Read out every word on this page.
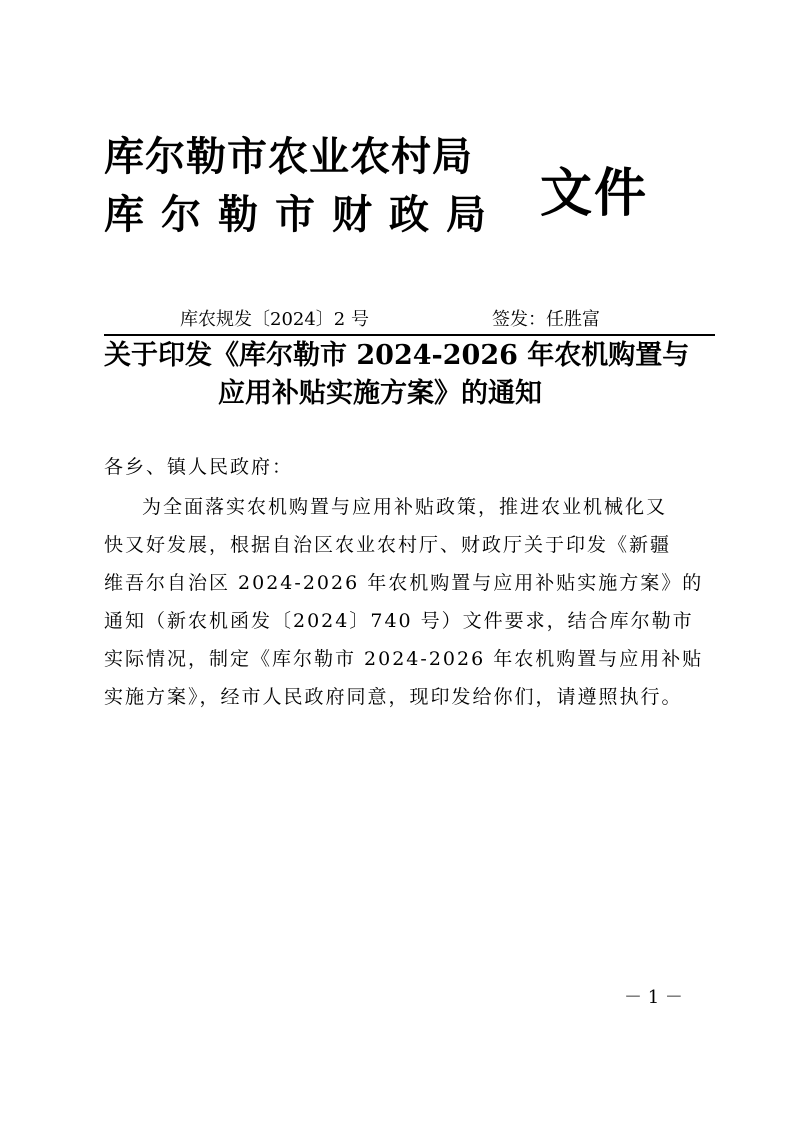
库尔勒市农业农村局
库尔勒市财政局 文件
库农规发〔2024〕2 号	签发：任胜富
关于印发《库尔勒市 2024-2026 年农机购置与
应用补贴实施方案》的通知
各乡、镇人民政府：
为全面落实农机购置与应用补贴政策，推进农业机械化又
快又好发展，根据自治区农业农村厅、财政厅关于印发《新疆
维吾尔自治区 2024-2026 年农机购置与应用补贴实施方案》的
通知（新农机函发〔2024〕740 号）文件要求，结合库尔勒市
实际情况，制定《库尔勒市 2024-2026 年农机购置与应用补贴
实施方案》，经市人民政府同意，现印发给你们，请遵照执行。
－ 1 －
